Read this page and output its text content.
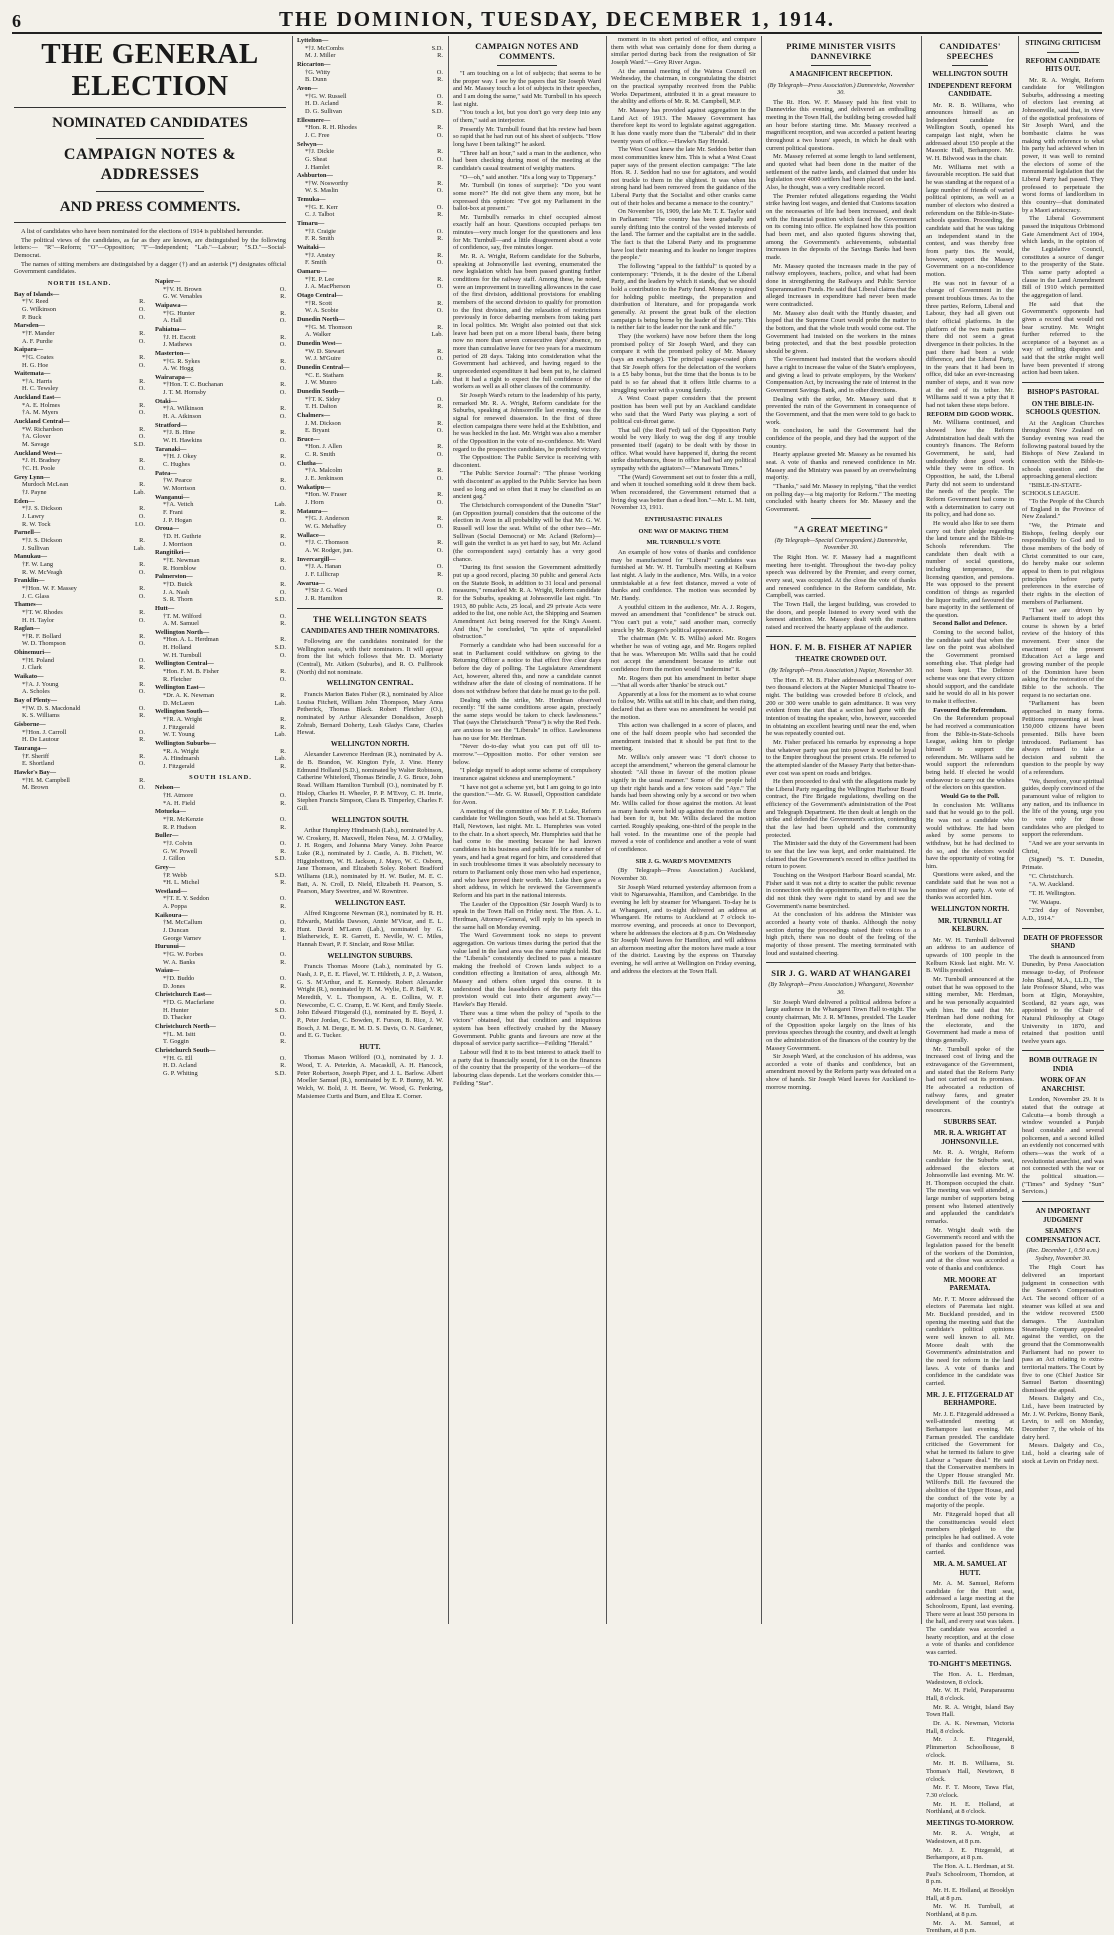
6	THE DOMINION, TUESDAY, DECEMBER 1, 1914.
THE GENERAL ELECTION
NOMINATED CANDIDATES
CAMPAIGN NOTES & ADDRESSES
AND PRESS COMMENTS.

A list of candidates who have been nominated for the elections of 1914 is published hereunder.

The political views of the candidates, as far as they are known, are distinguished by the following letters:— "R"—Reform; "O"—Opposition; "I"—Independent; "Lab."—Labour; "S.D."—Social-Democrat.

The names of sitting members are distinguished by a dagger (†) and an asterisk (*) designates official Government candidates.

NORTH ISLAND.
Bay of Islands—
*†V. Reed	R.
G. Wilkinson	O.
P. Buck	O.
Marsden—
*†F. Mander	R.
A. F. Purdie	O.
Kaipara—
*†G. Coates	R.
H. G. Hoe	O.
Waitemata—
*†A. Harris	R.
H. C. Tewsley	O.
Auckland East—
*A. E. Holmes	R.
†A. M. Myers	O.
Auckland Central—
*W. Richardson	R.
†A. Glover	O.
M. Savage	S.D.
Auckland West—
*J. H. Bradney	R.
†C. H. Poole	O.
Grey Lynn—
Murdoch McLean	R.
†J. Payne	Lab.
Eden—
*†J. S. Dickson	R.
J. Lawry	O.
R. W. Tock	I.O.
Parnell—
*†J. S. Dickson	R.
J. Sullivan	Lab.
Manukau—
†F. W. Lang	R.
R. W. McVeagh	O.
Franklin—
*†Hon. W. F. Massey	R.
J. C. Glass	O.
Thames—
*†T. W. Rhodes	R.
H. H. Taylor	O.
Raglan—
*†R. F. Bollard	R.
W. D. Thompson	O.
Ohinemuri—
*†H. Poland	O.
J. Clark	R.
Waikato—
*†A. J. Young	R.
A. Scholes	O.
Bay of Plenty—
*†W. D. S. Macdonald	O.
K. S. Williams	R.
Gisborne—
*†Hon. J. Carroll	O.
H. De Lautour	R.
Tauranga—
†F. Sheriff	R.
E. Shortland	O.
Hawke's Bay—
*†H. M. Campbell	R.
M. Brown	O.
Napier—
*†V. H. Brown	O.
G. W. Venables	R.
Waipawa—
*†G. Hunter	R.
A. Hall	O.
Pahiatua—
†J. H. Escott	R.
J. Mathews	O.
Masterton—
*†G. R. Sykes	R.
A. W. Hogg	O.
Wairarapa—
*†Hon. T. C. Buchanan	R.
J. T. M. Hornsby	O.
Otaki—
*†A. Wilkinson	R.
H. A. Atkinson	O.
Stratford—
*†J. B. Hine	R.
W. H. Hawkins	O.
Taranaki—
*†H. J. Okey	R.
C. Hughes	O.
Patea—
†W. Pearce	R.
W. Morrison	O.
Wanganui—
*†A. Veitch	Lab.
F. Frani	R.
J. P. Hogan	O.
Oroua—
†D. H. Guthrie	R.
J. Morrison	O.
Rangitikei—
*†E. Newman	R.
R. Hornblow	O.
Palmerston—
*†D. Buick	R.
J. A. Nash	O.
S. R. Thorn	S.D.
Hutt—
†T. M. Wilford	O.
A. M. Samuel	R.
Wellington North—
*Hon. A. L. Herdman	R.
H. Holland	S.D.
W. H. Turnbull	O.
Wellington Central—
*Hon. F. M. B. Fisher	R.
R. Fletcher	O.
Wellington East—
*Dr. A. K. Newman	R.
D. McLaren	Lab.
Wellington South—
*†R. A. Wright	R.
J. Fitzgerald	R.
W. T. Young	Lab.
Wellington Suburbs—
*R. A. Wright	R.
A. Hindmarsh	Lab.
J. Fitzgerald	R.
SOUTH ISLAND.
Nelson—
†H. Atmore	O.
*A. H. Field	R.
Motueka—
*†R. McKenzie	O.
R. P. Hudson	R.
Buller—
*†J. Colvin	O.
G. W. Powell	R.
J. Gillon	S.D.
Grey—
†P. Webb	S.D.
*H. L. Michel	R.
Westland—
*†T. E. Y. Seddon	O.
A. Poppa	R.
Kaikoura—
†M. McCallum	O.
J. Duncan	R.
George Varnev	I.
Hurunui—
*†G. W. Forbes	O.
W. A. Banks	R.
Waiau—
*†D. Buddo	O.
D. Jones	R.
Christchurch East—
*†D. G. Macfarlane	O.
H. Hunter	S.D.
D. Thacker	O.
Christchurch North—
*†L. M. Isitt	O.
T. Goggin	R.
Christchurch South—
*†H. G. Ell	O.
H. D. Acland	R.
G. P. Whiting	S.D.
Lyttelton—
*†J. McCombs	S.D.
M. J. Miller	R.
Riccarton—
†G. Witty	O.
B. Dunn	R.
Avon—
*†G. W. Russell	O.
H. D. Acland	R.
D. G. Sullivan	S.D.
Ellesmere—
*Hon. R. H. Rhodes	R.
J. C. Free	O.
Selwyn—
*†J. Dickie	R.
G. Sheat	O.
J. Hamlet	R.
Ashburton—
*†W. Nosworthy	R.
W. S. Maslin	O.
Temuka—
*†G. E. Kerr	O.
C. J. Talbot	R.
Timaru—
*†J. Craigie	O.
F. R. Smith	R.
Waitaki—
*†J. Anstey	R.
F. Smith	O.
Oamaru—
*†E. P. Lee	R.
J. A. MacPherson	O.
Otago Central—
*†R. Scott	R.
W. A. Scobie	O.
Dunedin North—
*†G. M. Thomson	R.
A. Walker	Lab.
Dunedin West—
*W. D. Stewart	R.
W. J. M'Guire	O.
Dunedin Central—
*C. E. Statham	R.
J. W. Munro	Lab.
Dunedin South—
*†T. K. Sidey	O.
T. H. Dalton	R.
Chalmers—
J. M. Dickson	R.
E. Bryant	O.
Bruce—
*Hon. J. Allen	R.
C. R. Smith	O.
Clutha—
*†A. Malcolm	R.
J. E. Jenkinson	O.
Wakatipu—
*Hon. W. Fraser	R.
J. Horn	O.
Mataura—
*†G. J. Anderson	R.
W. G. Mehaffey	O.
Wallace—
*†J. C. Thomson	R.
A. W. Rodger, jun.	O.
Invercargill—
*†J. A. Hanan	O.
J. F. Lillicrap	R.
Awarua—
*†Sir J. G. Ward	O.
J. R. Hamilton	R.
THE WELLINGTON SEATS
CANDIDATES AND THEIR NOMINATORS.

Following are the candidates nominated for the Wellington seats, with their nominators. It will appear from the list which follows that Mr. D. Moriarty (Central), Mr. Aitken (Suburbs), and R. O. Fullbrook (North) did not nominate.

WELLINGTON CENTRAL.

Francis Marion Bates Fisher (R.), nominated by Alice Louisa Fitchett, William John Thompson, Mary Anna Petherick, Thomas Black. Robert Fletcher (O.), nominated by Arthur Alexander Donaldson, Joseph Zohrab, Bernard Doherty, Leah Gladys Cane, Charles Hewat.

WELLINGTON NORTH.

Alexander Lawrence Herdman (R.), nominated by A. de B. Brandon, W. Kington Fyfe, J. Vine. Henry Edmund Holland (S.D.), nominated by Walter Robinson, Catherine Whiteford, Thomas Brindle, J. G. Bruce, John Read. William Hamilton Turnbull (O.), nominated by F. Hislop, Charles H. Wheeler, P. P. M'Evoy, C. H. Imrie, Stephen Francis Simpson, Clara B. Timperley, Charles F. Gill.

WELLINGTON SOUTH.

Arthur Humphrey Hindmarsh (Lab.), nominated by A. W. Croskery, H. Maxwell, Helen Ness, M. J. O'Malley, J. H. Rogers, and Johanna Mary Vaney. John Pearce Luke (R.), nominated by J. Castle, A. B. Fitchett, W. Higginbottom, W. H. Jackson, J. Mayo, W. C. Osborn, Jane Thomson, and Elizabeth Soley. Robert Bradford Williams (I.R.), nominated by H. W. Butler, M. E. C. Batt, A. N. Croll, D. Nield, Elizabeth H. Pearson, S. Pearson, Mary Sweetree, and W. Rowntree.

WELLINGTON EAST.

Alfred Kingcome Newman (R.), nominated by R. H. Edwards, Matilda Dawson, Annie M'Vicar, and E. L. Hunt. David M'Laren (Lab.), nominated by G. Blatherwick, E. R. Garrett, E. Neville, W. C. Miles, Hannah Ewart, P. F. Sinclair, and Rose Millar.

WELLINGTON SUBURBS.

Francis Thomas Moore (Lab.), nominated by G. Nash, J. P., E. E. Flavel, W. T. Hildreth, J. P., J. Watson, G. S. M'Arthur, and E. Kennedy. Robert Alexander Wright (R.), nominated by H. M. Wylie, E. P. Bell, V. R. Meredith, V. L. Thompson, A. E. Collins, W. F. Newcombe, C. C. Cramp, E. W. Kent, and Emily Steele. John Edward Fitzgerald (I.), nominated by E. Boyd, J. P., Peter Jordan, C. Bowden, F. Furson, B. Rice, J. W. Bosch, J. M. Derge, E. M. D. S. Davis, O. N. Gardener, and E. G. Tucker.

HUTT.

Thomas Mason Wilford (O.), nominated by J. J. Wood, T. A. Peterkin, A. Macaskill, A. H. Hancock, Peter Robertson, Joseph Piper, and J. L. Barlow. Albert Moeller Samuel (R.), nominated by E. P. Bunny, M. W. Welch, W. Bold, J. H. Beere, W. Wood, G. Fenkring, Maisiemee Curtis and Burn, and Eliza E. Corner.

CAMPAIGN NOTES AND COMMENTS.

"I am touching on a lot of subjects; that seems to be the proper way. I see by the papers that Sir Joseph Ward and Mr. Massey touch a lot of subjects in their speeches, and I am doing the same," said Mr. Turnbull in his speech last night.

"You touch a lot, but you don't go very deep into any of them," said an interjector.

Presently Mr. Turnbull found that his review had been so rapid that he had run out of his sheet of subjects. "How long have I been talking?" he asked.

"Three half an hour," said a man in the audience, who had been checking during most of the meeting at the candidate's casual treatment of weighty matters.

"O—oh," said another. "It's a long way to Tipperary."

Mr. Turnbull (in tones of surprise): "Do you want some more?" He did not give them any more, but he expressed this opinion: "I've got my Parliament in the ballot-box at present."

Mr. Turnbull's remarks in chief occupied almost exactly half an hour. Questions occupied perhaps ten minutes—very much longer for the questioners and less for Mr. Turnbull—and a little disagreement about a vote of confidence, say, five minutes longer.

Mr. R. A. Wright, Reform candidate for the Suburbs, speaking at Johnsonville last evening, enumerated the new legislation which has been passed granting further conditions for the railway staff. Among these, he noted, were an improvement in travelling allowances in the case of the first division, additional provisions for enabling members of the second division to qualify for promotion to the first division, and the relaxation of restrictions previously in force debarring members from taking part in local politics. Mr. Wright also pointed out that sick leave had been put on a more liberal basis, there being now no more than seven consecutive days' absence, no more than cumulative leave for two years for a maximum period of 28 days. Taking into consideration what the Government had achieved, and having regard to the unprecedented expenditure it had been put to, he claimed that it had a right to expect the full confidence of the workers as well as all other classes of the community.

Sir Joseph Ward's return to the leadership of his party, remarked Mr. R. A. Wright, Reform candidate for the Suburbs, speaking at Johnsonville last evening, was the signal for renewed dissension. In the first of three election campaigns there were held at the Exhibition, and he was heckled in the last. Mr. Wright was also a member of the Opposition in the vote of no-confidence. Mr. Ward regard to the prospective candidates, he predicted victory.

The Opposition: The Public Service is receiving with discontent.

"The Public Service Journal": "The phrase 'working with discontent' as applied to the Public Service has been used so long and so often that it may be classified as an ancient gag."

The Christchurch correspondent of the Dunedin "Star" (an Opposition journal) considers that the outcome of the election in Avon in all probability will be that Mr. G. W. Russell will lose the seat. Whilst of the other two—Mr. Sullivan (Social Democrat) or Mr. Acland (Reform)—will gain the verdict is as yet hard to say, but Mr. Acland (the correspondent says) certainly has a very good chance.

"During its first session the Government admittedly put up a good record, placing 30 public and general Acts on the Statute Book, in addition to 31 local and personal measures," remarked Mr. R. A. Wright, Reform candidate for the Suburbs, speaking at Johnsonville last night. "In 1913, 80 public Acts, 25 local, and 29 private Acts were added to the list, one noble Act, the Shipping and Seamen Amendment Act being reserved for the King's Assent. And this," he concluded, "in spite of unparalleled obstruction."

Formerly a candidate who had been successful for a seat in Parliament could withdraw on giving to the Returning Officer a notice to that effect five clear days before the day of polling. The Legislature Amendment Act, however, altered this, and now a candidate cannot withdraw after the date of closing of nominations. If he does not withdraw before that date he must go to the poll.

Dealing with the strike, Mr. Herdman observed recently: "If the same conditions arose again, precisely the same steps would be taken to check lawlessness." That (says the Christchurch "Press") is why the Red Feds. are anxious to see the "Liberals" in office. Lawlessness has no use for Mr. Herdman.

"Never do-to-day what you can put off till to-morrow."—Opposition motto. For other version see below.

"I pledge myself to adopt some scheme of compulsory insurance against sickness and unemployment."

"I have not got a scheme yet, but I am going to go into the question."—Mr. G. W. Russell, Opposition candidate for Avon.

A meeting of the committee of Mr. F. P. Luke, Reform candidate for Wellington South, was held at St. Thomas's Hall, Newtown, last night. Mr. L. Humphries was voted to the chair. In a short speech, Mr. Humphries said that he had come to the meeting because he had known candidates in his business and public life for a number of years, and had a great regard for him, and considered that in such troublesome times it was absolutely necessary to return to Parliament only those men who had experience, and who have proved their worth. Mr. Luke then gave a short address, in which he reviewed the Government's Reform and his part in the national interests.

The Leader of the Opposition (Sir Joseph Ward) is to speak in the Town Hall on Friday next. The Hon. A. L. Herdman, Attorney-General, will reply to his speech in the same hall on Monday evening.

The Ward Government took no steps to prevent aggregation. On various times during the period that the value land in the land area was the same might hold. But the "Liberals" consistently declined to pass a measure making the freehold of Crown lands subject to a condition effecting a limitation of area, although Mr. Massey and others often urged this course. It is understood that the leaseholders of the party felt this provision would cut into their argument away."—Hawke's Bay Herald.

There was a time when the policy of "spoils to the victors" obtained, but that condition and iniquitous system has been effectively crushed by the Massey Government. Public grants and favours are now at the disposal of service party sacrifice—Feilding "Herald."

Labour will find it to its best interest to attack itself to a party that is financially sound, for it is on the finances of the country that the prosperity of the workers—of the labouring class depends. Let the workers consider this.—Feilding "Star".

moment in its short period of office, and compare them with what was certainly done for them during a similar period during back from the resignation of Sir Joseph Ward."—Grey River Argus.

At the annual meeting of the Wairoa Council on Wednesday, the chairman, in congratulating the district on the practical sympathy received from the Public Works Department, attributed it in a great measure to the ability and efforts of Mr. R. M. Campbell, M.P.

Mr. Massey has provided against aggregation in the Land Act of 1913. The Massey Government has therefore kept its word to legislate against aggregation. It has done vastly more than the "Liberals" did in their twenty years of office.—Hawke's Bay Herald.

The West Coast knew the late Mr. Seddon better than most communities knew him. This is what a West Coast paper says of the present election campaign: "The late Hon. R. J. Seddon had no use for agitators, and would not truckle to them in the slightest. It was when his strong hand had been removed from the guidance of the Liberal Party that the Socialist and other cranks came out of their holes and became a menace to the country."

On November 16, 1909, the late Mr. T. E. Taylor said in Parliament: "The country has been gradually and surely drifting into the control of the vested interests of the land. The farmer and the capitalist are in the saddle. The fact is that the Liberal Party and its programme have lost their meaning and its leader no longer inspires the people."

The following "appeal to the faithful" is quoted by a contemporary: "Friends, it is the desire of the Liberal Party, and the leaders by which it stands, that we should hold a contribution to the Party fund. Money is required for holding public meetings, the preparation and distribution of literature, and for propaganda work generally. At present the great bulk of the election campaign is being borne by the leader of the party. This is neither fair to the leader nor the rank and file."

They (the workers) have now before them the long promised policy of Sir Joseph Ward, and they can compare it with the promised policy of Mr. Massey (says an exchange). The principal sugar-coated plum that Sir Joseph offers for the delectation of the workers is a £5 baby bonus, but the time that the bonus is to be paid is so far ahead that it offers little charms to a struggling worker with a young family.

A West Coast paper considers that the present position has been well put by an Auckland candidate who said that the Ward Party was playing a sort of political cut-throat game.

That tall (the Red Fed) tail of the Opposition Party would be very likely to wag the dog if any trouble presented itself (again) to be dealt with by those in office. What would have happened if, during the recent strike disturbances, those in office had had any political sympathy with the agitators?—"Manawatu Times."

"The (Ward) Government set out to foster this a mill, and when it touched something sold it drew them back. When reconsidered, the Government returned that a living dog was better than a dead lion."—Mr. L. M. Isitt, November 13, 1911.

ENTHUSIASTIC FINALES

ONE WAY OF MAKING THEM

MR. TURNBULL'S VOTE

An example of how votes of thanks and confidence may be manufactured for "Liberal" candidates was furnished at Mr. W. H. Turnbull's meeting at Kelburn last night. A lady in the audience, Mrs. Wills, in a voice unmistakable at a few feet distance, moved a vote of thanks and confidence. The motion was seconded by Mr. Handy.

A youthful citizen in the audience, Mr. A. J. Rogers, moved an amendment that "confidence" be struck out. "You can't put a vote," said another man, correctly struck by Mr. Rogers's political appearance.

The chairman (Mr. V. B. Willis) asked Mr. Rogers whether he was of voting age, and Mr. Rogers replied that he was. Whereupon Mr. Willis said that he could not accept the amendment because to strike out confidence from the motion would "undermine" it.

Mr. Rogers then put his amendment in better shape—"that all words after 'thanks' be struck out."

Apparently at a loss for the moment as to what course to follow, Mr. Willis sat still in his chair, and then rising, declared that as there was no amendment he would put the motion.

This action was challenged in a score of places, and one of the half dozen people who had seconded the amendment insisted that it should be put first to the meeting.

Mr. Willis's only answer was: "I don't choose to accept the amendment," whereon the general clamour he shouted: "All those in favour of the motion please signify in the usual manner." Some of the people held up their right hands and a few voices said "Aye." The hands had been showing only by a second or two when Mr. Willis called for those against the motion. At least as many hands were held up against the motion as there had been for it, but Mr. Willis declared the motion carried. Roughly speaking, one-third of the people in the hall voted. In the meantime one of the people had moved a vote of confidence and another a vote of want of confidence.

SIR J. G. WARD'S MOVEMENTS

(By Telegraph—Press Association.) Auckland, November 30.

Sir Joseph Ward returned yesterday afternoon from a visit to Ngaruawahia, Hamilton, and Cambridge. In the evening he left by steamer for Whangarei. To-day he is at Whangarei, and to-night delivered an address at Whangarei. He returns to Auckland at 7 o'clock to-morrow evening, and proceeds at once to Devonport, where he addresses the electors at 8 p.m. On Wednesday Sir Joseph Ward leaves for Hamilton, and will address an afternoon meeting after the motors have made a tour of the district. Leaving by the express on Thursday evening, he will arrive at Wellington on Friday evening, and address the electors at the Town Hall.

PRIME MINISTER VISITS DANNEVIRKE
A MAGNIFICENT RECEPTION.
(By Telegraph—Press Association.) Dannevirke, November 30.

The Rt. Hon. W. F. Massey paid his first visit to Dannevirke this evening, and delivered an enthralling meeting in the Town Hall, the building being crowded half an hour before starting time. Mr. Massey received a magnificent reception, and was accorded a patient hearing throughout a two hours' speech, in which he dealt with current political questions.

Mr. Massey referred at some length to land settlement, and quoted what had been done in the matter of the settlement of the native lands, and claimed that under his legislation over 4000 settlers had been placed on the land. Also, he thought, was a very creditable record.

The Premier refuted allegations regarding the Waihi strike having lost wages, and denied that Customs taxation on the necessaries of life had been increased, and dealt with the financial position which faced the Government on its coming into office. He explained how this position had been met, and also quoted figures showing that, among the Government's achievements, substantial increases in the deposits of the Savings Banks had been made.

Mr. Massey quoted the increases made in the pay of railway employees, teachers, police, and what had been done in strengthening the Railways and Public Service Superannuation Funds. He said that Liberal claims that the alleged increases in expenditure had never been made were contradicted.

Mr. Massey also dealt with the Huntly disaster, and hoped that the Supreme Court would probe the matter to the bottom, and that the whole truth would come out. The Government had insisted on the workers in the mines being protected, and that the best possible protection should be given.

The Government had insisted that the workers should have a right to increase the value of the State's employees, and giving a lead to private employers, by the Workers' Compensation Act, by increasing the rate of interest in the Government Savings Bank, and in other directions.

Dealing with the strike, Mr. Massey said that it prevented the ruin of the Government in consequence of the Government, and that the men were told to go back to work.

In conclusion, he said the Government had the confidence of the people, and they had the support of the country.

Hearty applause greeted Mr. Massey as he resumed his seat. A vote of thanks and renewed confidence in Mr. Massey and the Ministry was passed by an overwhelming majority.

"Thanks," said Mr. Massey in replying, "that the verdict on polling day—a big majority for Reform." The meeting concluded with hearty cheers for Mr. Massey and the Government.

"A GREAT MEETING"
(By Telegraph—Special Correspondent.) Dannevirke, November 30.

The Right Hon. W. F. Massey had a magnificent meeting here to-night. Throughout the two-day policy speech was delivered by the Premier, and every corner, every seat, was occupied. At the close the vote of thanks and renewed confidence in the Reform candidate, Mr. Campbell, was carried.

The Town Hall, the largest building, was crowded to the doors, and people listened to every word with the keenest attention. Mr. Massey dealt with the matters raised and received the hearty applause of the audience.

HON. F. M. B. FISHER AT NAPIER
THEATRE CROWDED OUT.
(By Telegraph—Press Association.) Napier, November 30.

The Hon. F. M. B. Fisher addressed a meeting of over two thousand electors at the Napier Municipal Theatre to-night. The building was crowded before 8 o'clock, and 200 or 300 were unable to gain admittance. It was very evident from the start that a section had gone with the intention of treating the speaker, who, however, succeeded in obtaining an excellent hearing until near the end, when he was repeatedly counted out.

Mr. Fisher prefaced his remarks by expressing a hope that whatever party was put into power it would be loyal to the Empire throughout the present crisis. He referred to the attempted slander of the Massey Party that better-than-ever cost was spent on roads and bridges.

He then proceeded to deal with the allegations made by the Liberal Party regarding the Wellington Harbour Board contract, the Fire Brigade regulations, dwelling on the efficiency of the Government's administration of the Post and Telegraph Department. He then dealt at length on the strike and defended the Government's action, contending that the law had been upheld and the community protected.

The Minister said the duty of the Government had been to see that the law was kept, and order maintained. He claimed that the Government's record in office justified its return to power.

Touching on the Westport Harbour Board scandal, Mr. Fisher said it was not a dirty to scatter the public revenue in connection with the appointments, and even if it was he did not think they were right to stand by and see the Government's name besmirched.

At the conclusion of his address the Minister was accorded a hearty vote of thanks. Although the noisy section during the proceedings raised their voices to a high pitch, there was no doubt of the feeling of the majority of those present. The meeting terminated with loud and sustained cheering.

SIR J. G. WARD AT WHANGAREI
(By Telegraph—Press Association.) Whangarei, November 30.

Sir Joseph Ward delivered a political address before a large audience in the Whangarei Town Hall to-night. The county chairman, Mr. J. R. M'Innes, presided. The Leader of the Opposition spoke largely on the lines of his previous speeches through the country, and dwelt at length on the administration of the finances of the country by the Massey Government.

Sir Joseph Ward, at the conclusion of his address, was accorded a vote of thanks and confidence, but an amendment moved by the Reform party was defeated on a show of hands. Sir Joseph Ward leaves for Auckland to-morrow morning.

CANDIDATES' SPEECHES
WELLINGTON SOUTH
INDEPENDENT REFORM CANDIDATE.

Mr. R. B. Williams, who announces himself as an Independent candidate for Wellington South, opened his campaign last night, when he addressed about 150 people at the Masonic Hall, Berhampore. Mr. W. H. Bilwood was in the chair.

Mr. Williams met with a favourable reception. He said that he was standing at the request of a large number of friends of varied political opinions, as well as a number of electors who desired a referendum on the Bible-in-State-schools question. Proceeding, the candidate said that he was taking an independent stand in the contest, and was thereby free from party ties. He would, however, support the Massey Government on a no-confidence motion.

He was not in favour of a change of Government in the present troublous times. As to the three parties, Reform, Liberal and Labour, they had all given out their official platforms. In the platform of the two main parties there did not seem a great divergence in their policies. In the past there had been a wide difference, and the Liberal Party, in the years that it had been in office, did take an ever-increasing number of steps, and it was now at the end of its tether. Mr. Williams said it was a pity that it had not taken these steps before.

REFORM DID GOOD WORK.

Mr. Williams continued, and showed how the Reform Administration had dealt with the country's finances. The Reform Government, he said, had undoubtedly done good work while they were in office. In Opposition, he said, the Liberal Party did not seem to understand the needs of the people. The Reform Government had come in with a determination to carry out its policy, and had done so.

He would also like to see them carry out their pledge regarding the land tenure and the Bible-in-Schools referendum. The candidate then dealt with a number of social questions, including temperance, the licensing question, and pensions. He was opposed to the present condition of things as regarded the liquor traffic, and favoured the bare majority in the settlement of the question.

Second Ballot and Defence.

Coming to the second ballot, the candidate said that when the law on the point was abolished the Government promised something else. That pledge had not been kept. The Defence scheme was one that every citizen should support, and the candidate said he would do all in his power to make it effective.

Favoured the Referendum.

On the Referendum proposal he had received a communication from the Bible-in-State-Schools League, asking him to pledge himself to support the referendum. Mr. Williams said he would support the referendum being held. If elected he would endeavour to carry out the wishes of the electors on this question.

Would Go to the Poll.

In conclusion Mr. Williams said that he would go to the poll. He was not a candidate who would withdraw. He had been asked by some persons to withdraw, but he had declined to do so, and the electors would have the opportunity of voting for him.

Questions were asked, and the candidate said that he was not a nominee of any party. A vote of thanks was accorded him.

WELLINGTON NORTH.
MR. TURNBULL AT KELBURN.

Mr. W. H. Turnbull delivered an address to an audience of upwards of 100 people in the Kelburn Kiosk last night. Mr. V. B. Willis presided.

Mr. Turnbull announced at the outset that he was opposed to the sitting member, Mr. Herdman, and he was personally acquainted with him. He said that Mr. Herdman had done nothing for the electorate, and the Government had made a mess of things generally.

Mr. Turnbull spoke of the increased cost of living and the extravagance of the Government, and stated that the Reform Party had not carried out its promises. He advocated a reduction of railway fares, and greater development of the country's resources.

SUBURBS SEAT.
MR. R. A. WRIGHT AT JOHNSONVILLE.

Mr. R. A. Wright, Reform candidate for the Suburbs seat, addressed the electors at Johnsonville last evening. Mr. W. H. Thompson occupied the chair. The meeting was well attended, a large number of supporters being present who listened attentively and applauded the candidate's remarks.

Mr. Wright dealt with the Government's record and with the legislation passed for the benefit of the workers of the Dominion, and at the close was accorded a vote of thanks and confidence.

MR. MOORE AT PAREMATA.

Mr. F. T. Moore addressed the electors of Paremata last night. Mr. Buckland presided, and in opening the meeting said that the candidate's political opinions were well known to all. Mr. Moore dealt with the Government's administration and the need for reform in the land laws. A vote of thanks and confidence in the candidate was carried.

MR. J. E. FITZGERALD AT BERHAMPORE.

Mr. J. E. Fitzgerald addressed a well-attended meeting at Berhampore last evening. Mr. Farman presided. The candidate criticised the Government for what he termed its failure to give Labour a "square deal." He said that the Conservative members in the Upper House strangled Mr. Wilford's Bill. He favoured the abolition of the Upper House, and the conduct of the vote by a majority of the people.

Mr. Fitzgerald hoped that all the constituencies would elect members pledged to the principles he had outlined. A vote of thanks and confidence was carried.

MR. A. M. SAMUEL AT HUTT.

Mr. A. M. Samuel, Reform candidate for the Hutt seat, addressed a large meeting at the Schoolroom, Epuni, last evening. There were at least 350 persons in the hall, and every seat was taken. The candidate was accorded a hearty reception, and at the close a vote of thanks and confidence was carried.

TO-NIGHT'S MEETINGS.

The Hon. A. L. Herdman, Wadestown, 8 o'clock.

Mr. W. H. Field, Paraparaumu Hall, 8 o'clock.

Mr. R. A. Wright, Island Bay Town Hall.

Dr. A. K. Newman, Victoria Hall, 8 o'clock.

Mr. J. E. Fitzgerald, Plimmerton Schoolhouse, 8 o'clock.

Mr. H. B. Williams, St. Thomas's Hall, Newtown, 8 o'clock.

Mr. F. T. Moore, Tawa Flat, 7.30 o'clock.

Mr. H. E. Holland, at Northland, at 8 o'clock.

MEETINGS TO-MORROW.

Mr. R. A. Wright, at Wadestown, at 8 p.m.

Mr. J. E. Fitzgerald, at Berhampore, at 8 p.m.

The Hon. A. L. Herdman, at St. Paul's Schoolroom, Thorndon, at 8 p.m.

Mr. H. E. Holland, at Brooklyn Hall, at 8 p.m.

Mr. W. H. Turnbull, at Northland, at 8 p.m.

Mr. A. M. Samuel, at Trentham, at 8 p.m.

STINGING CRITICISM
REFORM CANDIDATE HITS OUT.

Mr. R. A. Wright, Reform candidate for Wellington Suburbs, addressing a meeting of electors last evening at Johnsonville, said that, in view of the egotistical professions of Sir Joseph Ward, and the bombastic claims he was making with reference to what his party had achieved when in power, it was well to remind the electors of some of the monumental legislation that the Liberal Party had passed. They professed to perpetuate the worst forms of landlordism in this country—that dominated by a Maori aristocracy.

The Liberal Government passed the iniquitous Orbimond Gate Amendment Act of 1904, which lands, in the opinion of the Legislative Council, constitutes a source of danger to the prosperity of the State. This same party adopted a clause in the Land Amendment Bill of 1910 which permitted the aggregation of land.

He said that the Government's opponents had given a record that would not bear scrutiny. Mr. Wright further referred to the acceptance of a bayonet as a way of settling disputes and said that the strike might well have been prevented if strong action had been taken.

BISHOP'S PASTORAL
ON THE BIBLE-IN-SCHOOLS QUESTION.

At the Anglican Churches throughout New Zealand on Sunday evening was read the following pastoral issued by the Bishops of New Zealand in connection with the Bible-in-schools question and the approaching general election:

"BIBLE-IN-STATE-SCHOOLS LEAGUE.

"To the People of the Church of England in the Province of New Zealand."

"We, the Primate and Bishops, feeling deeply our responsibility to God and to those members of the body of Christ committed to our care, do hereby make our solemn appeal to them to put religious principles before party preferences in the exercise of their rights in the election of members of Parliament.

"That we are driven by Parliament itself to adopt this course is shown by a brief review of the history of this movement. Ever since the enactment of the present Education Act a large and growing number of the people of the Dominion have been asking for the restoration of the Bible to the schools. The request is no sectarian one.

"Parliament has been approached in many forms. Petitions representing at least 150,000 citizens have been presented. Bills have been introduced. Parliament has always refused to take a decision and submit the question to the people by way of a referendum.

"We, therefore, your spiritual guides, deeply convinced of the paramount value of religion to any nation, and its influence in the life of the young, urge you to vote only for those candidates who are pledged to support the referendum.

"And we are your servants in Christ,

(Signed) "S. T. Dunedin, Primate.

"C. Christchurch.

"A. W. Auckland.

"T. H. Wellington.

"W. Waiapu.

"23rd day of November, A.D., 1914."

DEATH OF PROFESSOR SHAND

The death is announced from Dunedin, by Press Association message to-day, of Professor John Shand, M.A., LL.D., The late Professor Shand, who was born at Elgin, Morayshire, Scotland, 82 years ago, was appointed to the Chair of Natural Philosophy at Otago University in 1870, and retained that position until twelve years ago.

BOMB OUTRAGE IN INDIA
WORK OF AN ANARCHIST.

London, November 29. It is stated that the outrage at Calcutta—a bomb through a window wounded a Punjab head constable and several policemen, and a second killed an evidently not concerned with others—was the work of a revolutionist anarchist, and was not connected with the war or the political situation.—("Times" and Sydney "Sun" Services.)

AN IMPORTANT JUDGMENT
SEAMEN'S COMPENSATION ACT.
(Rec. December 1, 0.50 a.m.) Sydney, November 30.

The High Court has delivered an important judgment in connection with the Seamen's Compensation Act. The second officer of a steamer was killed at sea and the widow recovered £500 damages. The Australian Steamship Company appealed against the verdict, on the ground that the Commonwealth Parliament had no power to pass an Act relating to extra-territorial matters. The Court by five to one (Chief Justice Sir Samuel Barton dissenting) dismissed the appeal.

Messrs. Dalgety and Co., Ltd., have been instructed by Mr. J. W. Perkins, Bonny Bank, Levin, to sell on Monday, December 7, the whole of his dairy herd.

Messrs. Dalgety and Co., Ltd., hold a clearing sale of stock at Levin on Friday next.
